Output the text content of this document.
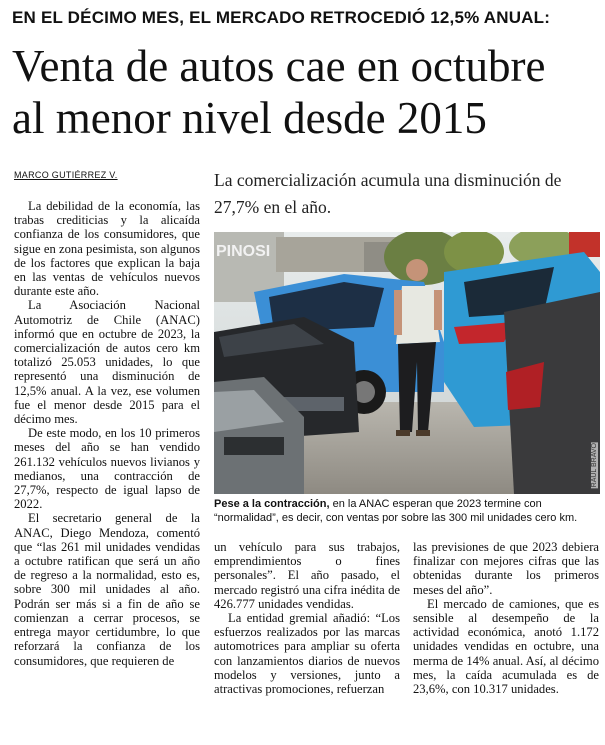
EN EL DÉCIMO MES, EL MERCADO RETROCEDIÓ 12,5% ANUAL:
Venta de autos cae en octubre
al menor nivel desde 2015
MARCO GUTIÉRREZ V.	La comercialización acumula una disminución de 27,7% en el año.

La debilidad de la economía, las trabas crediticias y la alicaída confianza de los consumidores, que sigue en zona pesimista, son algunos de los factores que explican la baja en las ventas de vehículos nuevos durante este año.

La Asociación Nacional Automotriz de Chile (ANAC) informó que en octubre de 2023, la comercialización de autos cero km totalizó 25.053 unidades, lo que representó una disminución de 12,5% anual. A la vez, ese volumen fue el menor desde 2015 para el décimo mes.

De este modo, en los 10 primeros meses del año se han vendido 261.132 vehículos nuevos livianos y medianos, una contracción de 27,7%, respecto de igual lapso de 2022.

El secretario general de la ANAC, Diego Mendoza, comentó que “las 261 mil unidades vendidas a octubre ratifican que será un año de regreso a la normalidad, esto es, sobre 300 mil unidades al año. Podrán ser más si a fin de año se comienzan a cerrar procesos, se entrega mayor certidumbre, lo que reforzará la confianza de los consumidores, que requieren de

PINOSI
RAUL BRAVO
Pese a la contracción, en la ANAC esperan que 2023 termine con “normalidad”, es decir, con ventas por sobre las 300 mil unidades cero km.

un vehículo para sus trabajos, emprendimientos o fines personales”. El año pasado, el mercado registró una cifra inédita de 426.777 unidades vendidas.

La entidad gremial añadió: “Los esfuerzos realizados por las marcas automotrices para ampliar su oferta con lanzamientos diarios de nuevos modelos y versiones, junto a atractivas promociones, refuerzan

las previsiones de que 2023 debiera finalizar con mejores cifras que las obtenidas durante los primeros meses del año”.

El mercado de camiones, que es sensible al desempeño de la actividad económica, anotó 1.172 unidades vendidas en octubre, una merma de 14% anual. Así, al décimo mes, la caída acumulada es de 23,6%, con 10.317 unidades.
